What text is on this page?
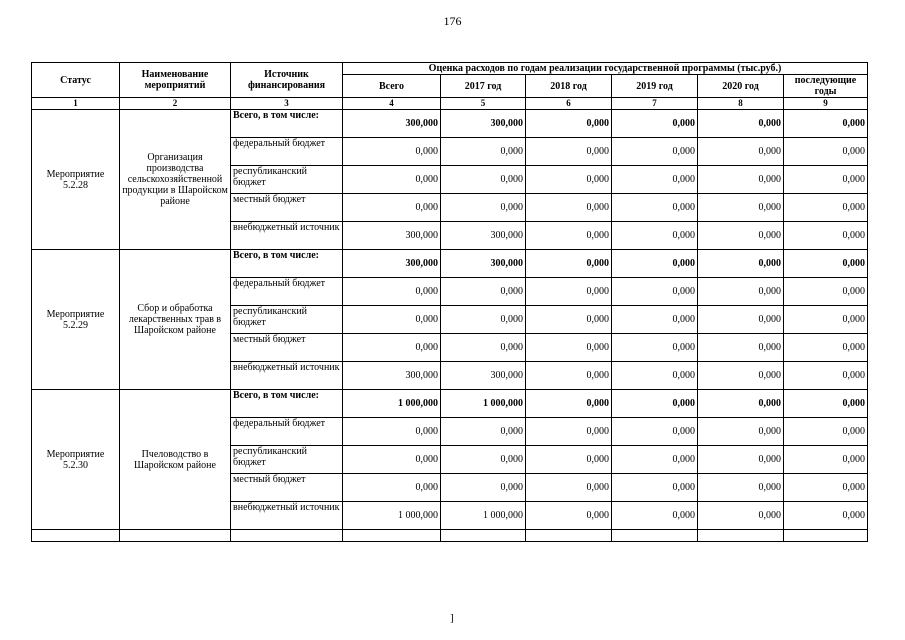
176
Статус	Наименование мероприятий	Источник финансирования	Оценка расходов по годам реализации государственной программы (тыс.руб.)					
			Всего	2017 год	2018 год	2019 год	2020 год	последующие годы
1	2	3	4	5	6	7	8	9
Мероприятие 5.2.28	Организация производства сельскохозяйственной продукции в Шаройском районе	Всего, в том числе:	300,000	300,000	0,000	0,000	0,000	0,000
		федеральный бюджет	0,000	0,000	0,000	0,000	0,000	0,000
		республиканский бюджет	0,000	0,000	0,000	0,000	0,000	0,000
		местный бюджет	0,000	0,000	0,000	0,000	0,000	0,000
		внебюджетный источник	300,000	300,000	0,000	0,000	0,000	0,000
Мероприятие 5.2.29	Сбор и обработка лекарственных трав в Шаройском районе	Всего, в том числе:	300,000	300,000	0,000	0,000	0,000	0,000
		федеральный бюджет	0,000	0,000	0,000	0,000	0,000	0,000
		республиканский бюджет	0,000	0,000	0,000	0,000	0,000	0,000
		местный бюджет	0,000	0,000	0,000	0,000	0,000	0,000
		внебюджетный источник	300,000	300,000	0,000	0,000	0,000	0,000
Мероприятие 5.2.30	Пчеловодство в Шаройском районе	Всего, в том числе:	1 000,000	1 000,000	0,000	0,000	0,000	0,000
		федеральный бюджет	0,000	0,000	0,000	0,000	0,000	0,000
		республиканский бюджет	0,000	0,000	0,000	0,000	0,000	0,000
		местный бюджет	0,000	0,000	0,000	0,000	0,000	0,000
		внебюджетный источник	1 000,000	1 000,000	0,000	0,000	0,000	0,000

]
